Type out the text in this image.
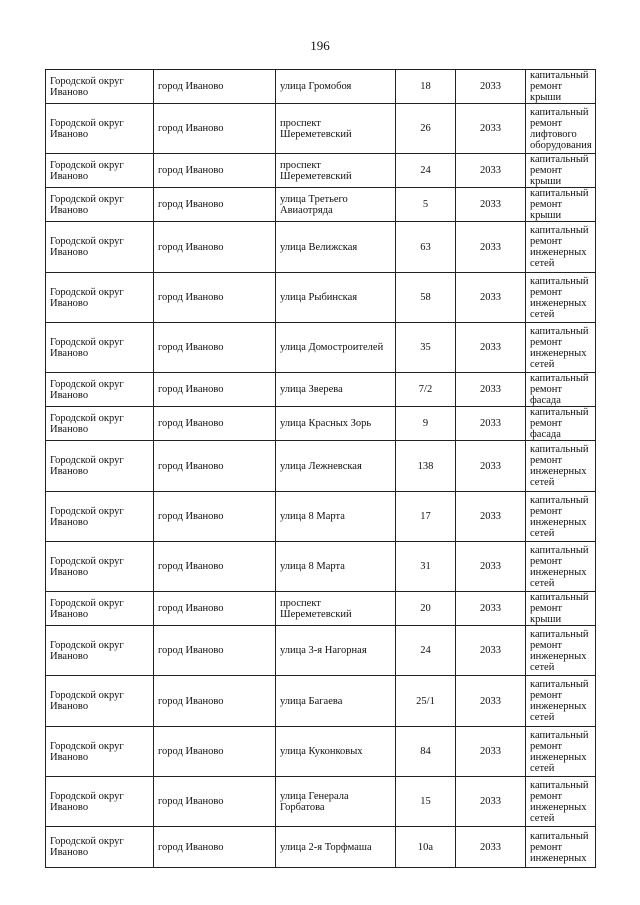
196
Городской округ Иваново	город Иваново	улица Громобоя	18	2033	капитальный ремонт крыши
Городской округ Иваново	город Иваново	проспект Шереметевский	26	2033	капитальный ремонт лифтового оборудования
Городской округ Иваново	город Иваново	проспект Шереметевский	24	2033	капитальный ремонт крыши
Городской округ Иваново	город Иваново	улица Третьего Авиаотряда	5	2033	капитальный ремонт крыши
Городской округ Иваново	город Иваново	улица Велижская	63	2033	капитальный ремонт инженерных сетей
Городской округ Иваново	город Иваново	улица Рыбинская	58	2033	капитальный ремонт инженерных сетей
Городской округ Иваново	город Иваново	улица Домостроителей	35	2033	капитальный ремонт инженерных сетей
Городской округ Иваново	город Иваново	улица Зверева	7/2	2033	капитальный ремонт фасада
Городской округ Иваново	город Иваново	улица Красных Зорь	9	2033	капитальный ремонт фасада
Городской округ Иваново	город Иваново	улица Лежневская	138	2033	капитальный ремонт инженерных сетей
Городской округ Иваново	город Иваново	улица 8 Марта	17	2033	капитальный ремонт инженерных сетей
Городской округ Иваново	город Иваново	улица 8 Марта	31	2033	капитальный ремонт инженерных сетей
Городской округ Иваново	город Иваново	проспект Шереметевский	20	2033	капитальный ремонт крыши
Городской округ Иваново	город Иваново	улица 3-я Нагорная	24	2033	капитальный ремонт инженерных сетей
Городской округ Иваново	город Иваново	улица Багаева	25/1	2033	капитальный ремонт инженерных сетей
Городской округ Иваново	город Иваново	улица Куконковых	84	2033	капитальный ремонт инженерных сетей
Городской округ Иваново	город Иваново	улица Генерала Горбатова	15	2033	капитальный ремонт инженерных сетей
Городской округ Иваново	город Иваново	улица 2-я Торфмаша	10а	2033	капитальный ремонт инженерных
